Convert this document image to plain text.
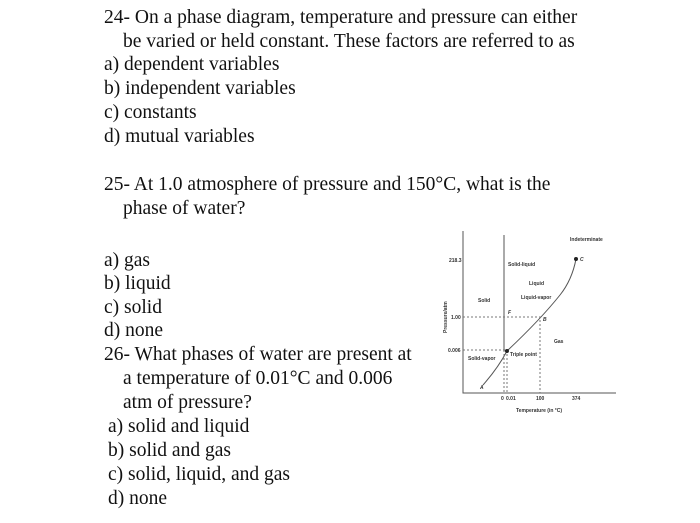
24- On a phase diagram, temperature and pressure can either
be varied or held constant. These factors are referred to as
a) dependent variables
b) independent variables
c) constants
d) mutual variables
25- At 1.0 atmosphere of pressure and 150°C, what is the
phase of water?
a) gas
b) liquid
c) solid
d) none
26- What phases of water are present at
a temperature of 0.01°C and 0.006
atm of pressure?
a) solid and liquid
b) solid and gas
c) solid, liquid, and gas
d) none
Indeterminate
Solid-liquid
Liquid
Liquid-vapor
Solid
Gas
Solid-vapor
Triple point
218.3
1.00
0.006
0 0.01	100	374
Temperature (in °C)
Pressure/atm
A
B
C
F
